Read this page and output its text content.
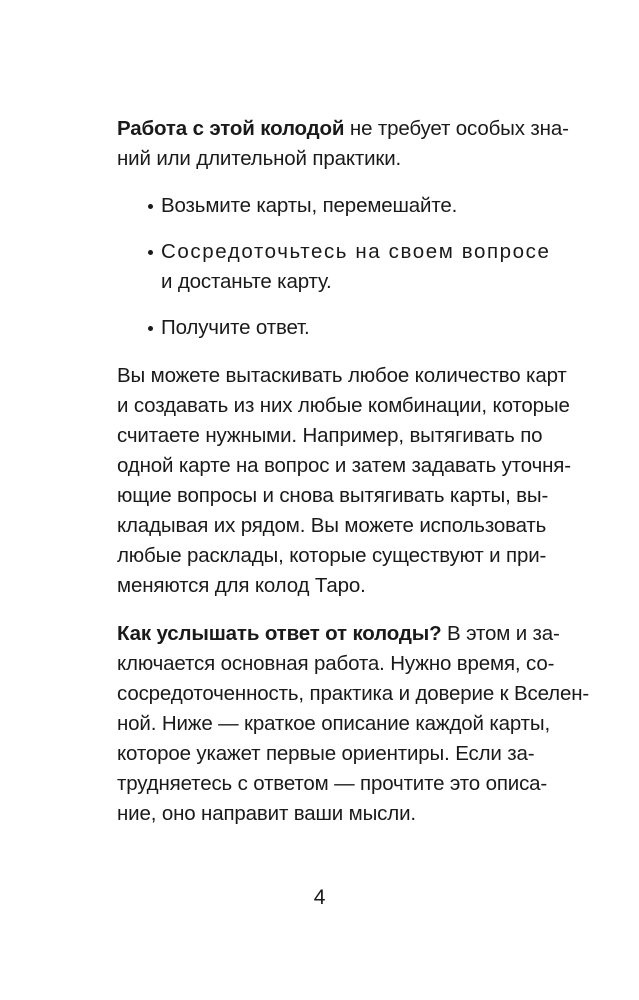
Работа с этой колодой не требует особых зна-
ний или длительной практики.
Возьмите карты, перемешайте.
Сосредоточьтесь на своем вопросе
и достаньте карту.
Получите ответ.
Вы можете вытаскивать любое количество карт
и создавать из них любые комбинации, которые
считаете нужными. Например, вытягивать по
одной карте на вопрос и затем задавать уточня-
ющие вопросы и снова вытягивать карты, вы-
кладывая их рядом. Вы можете использовать
любые расклады, которые существуют и при-
меняются для колод Таро.
Как услышать ответ от колоды? В этом и за-
ключается основная работа. Нужно время, со-
сосредоточенность, практика и доверие к Вселен-
ной. Ниже — краткое описание каждой карты,
которое укажет первые ориентиры. Если за-
трудняетесь с ответом — прочтите это описа-
ние, оно направит ваши мысли.
4
